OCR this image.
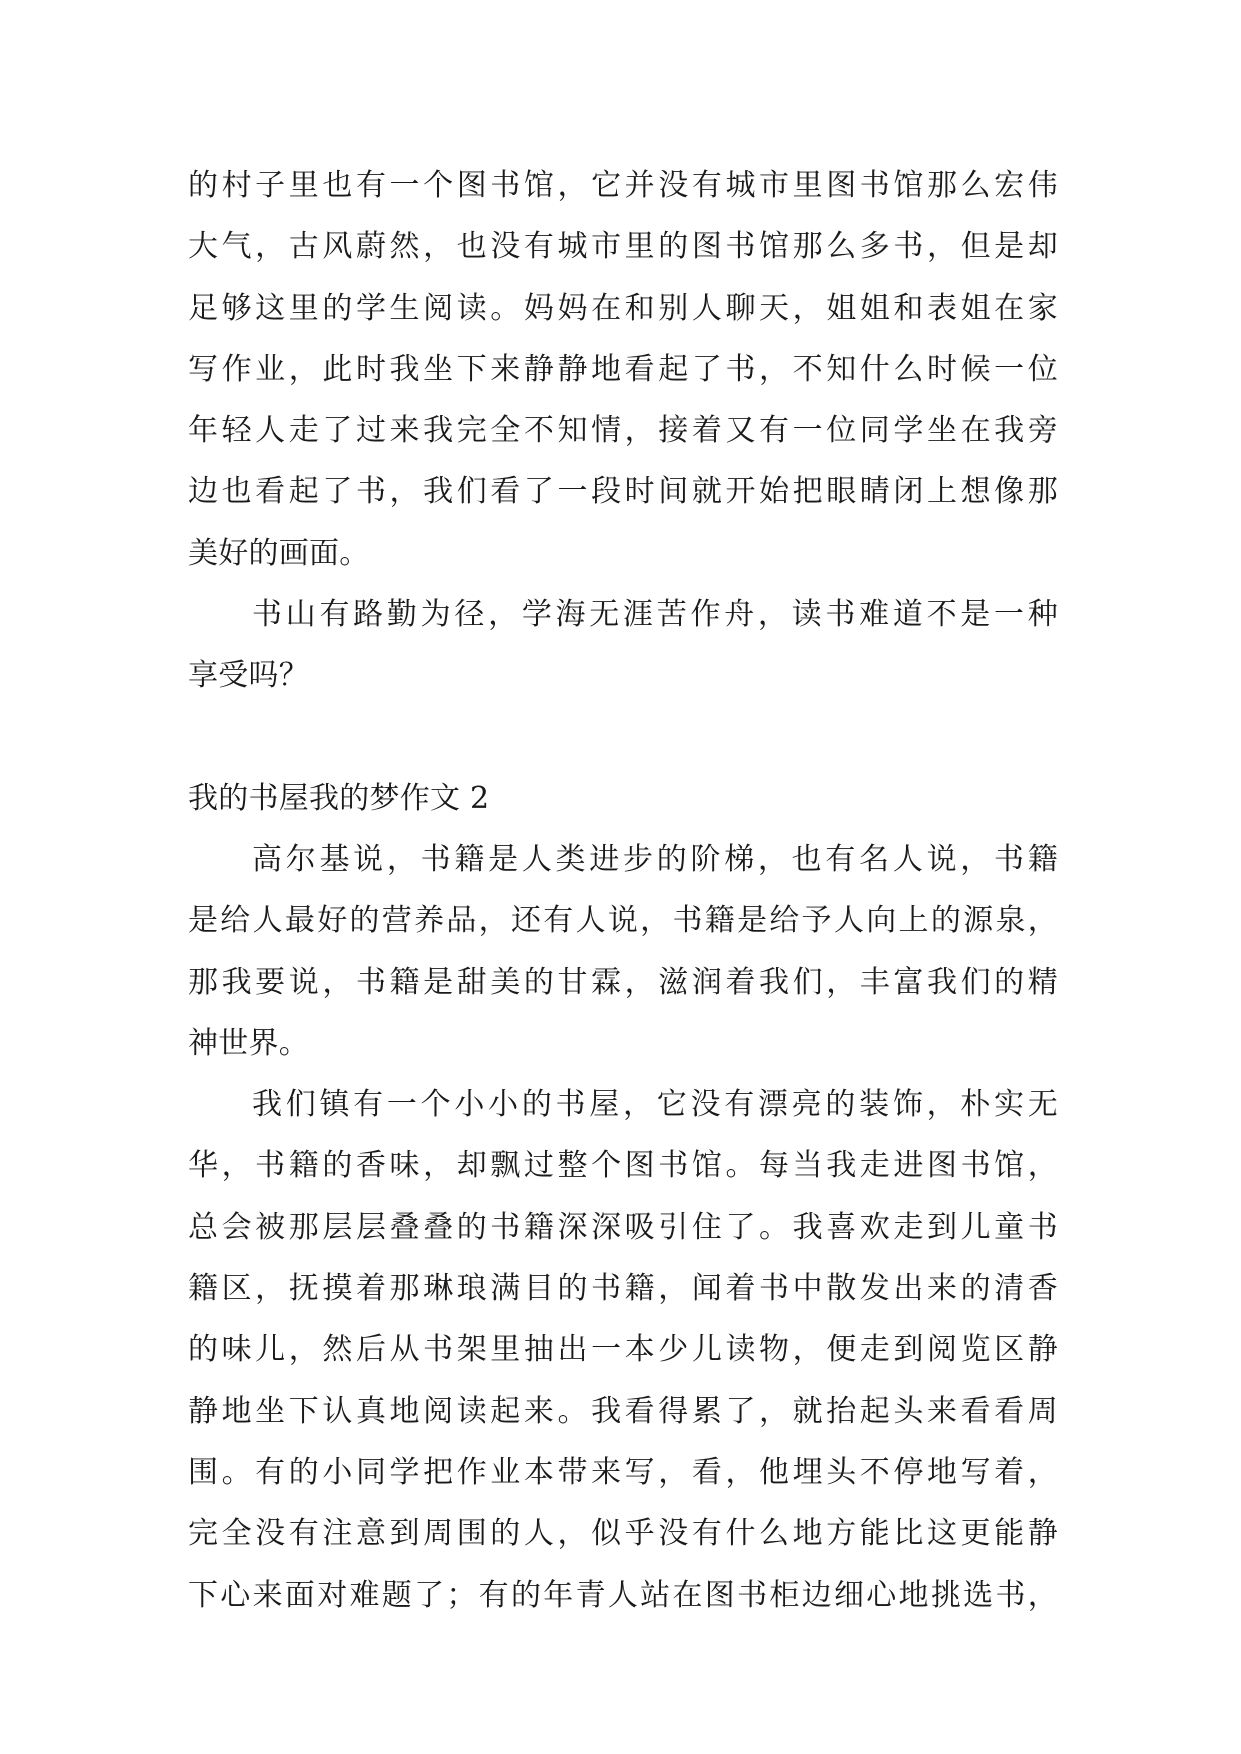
的村子里也有一个图书馆，它并没有城市里图书馆那么宏伟
大气，古风蔚然，也没有城市里的图书馆那么多书，但是却
足够这里的学生阅读。妈妈在和别人聊天，姐姐和表姐在家
写作业，此时我坐下来静静地看起了书，不知什么时候一位
年轻人走了过来我完全不知情，接着又有一位同学坐在我旁
边也看起了书，我们看了一段时间就开始把眼睛闭上想像那
美好的画面。
书山有路勤为径，学海无涯苦作舟，读书难道不是一种
享受吗？
我的书屋我的梦作文 2
高尔基说，书籍是人类进步的阶梯，也有名人说，书籍
是给人最好的营养品，还有人说，书籍是给予人向上的源泉，
那我要说，书籍是甜美的甘霖，滋润着我们，丰富我们的精
神世界。
我们镇有一个小小的书屋，它没有漂亮的装饰，朴实无
华，书籍的香味，却飘过整个图书馆。每当我走进图书馆，
总会被那层层叠叠的书籍深深吸引住了。我喜欢走到儿童书
籍区，抚摸着那琳琅满目的书籍，闻着书中散发出来的清香
的味儿，然后从书架里抽出一本少儿读物，便走到阅览区静
静地坐下认真地阅读起来。我看得累了，就抬起头来看看周
围。有的小同学把作业本带来写，看，他埋头不停地写着，
完全没有注意到周围的人，似乎没有什么地方能比这更能静
下心来面对难题了；有的年青人站在图书柜边细心地挑选书，
